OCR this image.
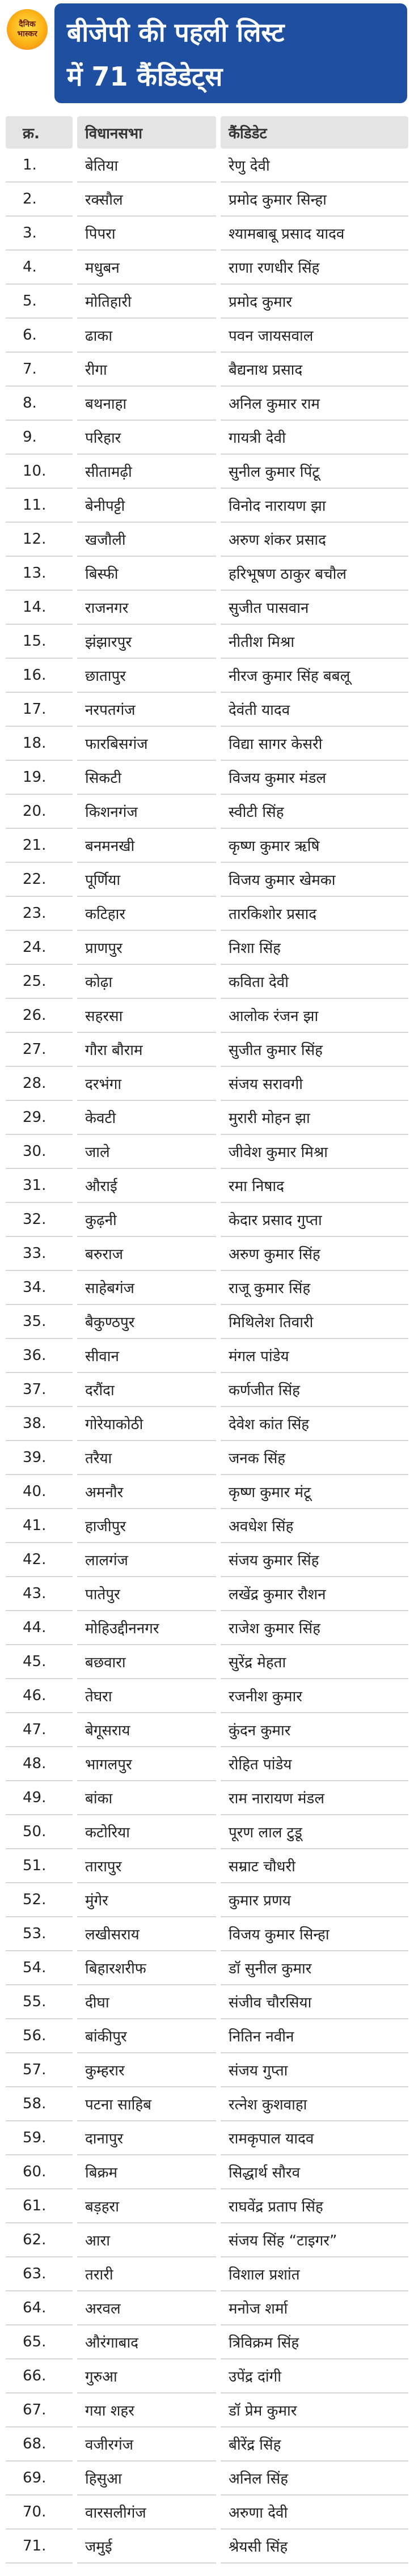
दैनिक
भास्कर बीजेपी की पहली लिस्ट
में 71 कैंडिडेट्स
क्र.	विधानसभा	कैंडिडेट
1.	बेतिया	रेणु देवी
2.	रक्सौल	प्रमोद कुमार सिन्हा
3.	पिपरा	श्यामबाबू प्रसाद यादव
4.	मधुबन	राणा रणधीर सिंह
5.	मोतिहारी	प्रमोद कुमार
6.	ढाका	पवन जायसवाल
7.	रीगा	बैद्यनाथ प्रसाद
8.	बथनाहा	अनिल कुमार राम
9.	परिहार	गायत्री देवी
10.	सीतामढ़ी	सुनील कुमार पिंटू
11.	बेनीपट्टी	विनोद नारायण झा
12.	खजौली	अरुण शंकर प्रसाद
13.	बिस्फी	हरिभूषण ठाकुर बचौल
14.	राजनगर	सुजीत पासवान
15.	झंझारपुर	नीतीश मिश्रा
16.	छातापुर	नीरज कुमार सिंह बबलू
17.	नरपतगंज	देवंती यादव
18.	फारबिसगंज	विद्या सागर केसरी
19.	सिकटी	विजय कुमार मंडल
20.	किशनगंज	स्वीटी सिंह
21.	बनमनखी	कृष्ण कुमार ऋषि
22.	पूर्णिया	विजय कुमार खेमका
23.	कटिहार	तारकिशोर प्रसाद
24.	प्राणपुर	निशा सिंह
25.	कोढ़ा	कविता देवी
26.	सहरसा	आलोक रंजन झा
27.	गौरा बौराम	सुजीत कुमार सिंह
28.	दरभंगा	संजय सरावगी
29.	केवटी	मुरारी मोहन झा
30.	जाले	जीवेश कुमार मिश्रा
31.	औराई	रमा निषाद
32.	कुढ़नी	केदार प्रसाद गुप्ता
33.	बरुराज	अरुण कुमार सिंह
34.	साहेबगंज	राजू कुमार सिंह
35.	बैकुण्ठपुर	मिथिलेश तिवारी
36.	सीवान	मंगल पांडेय
37.	दरौंदा	कर्णजीत सिंह
38.	गोरेयाकोठी	देवेश कांत सिंह
39.	तरैया	जनक सिंह
40.	अमनौर	कृष्ण कुमार मंटू
41.	हाजीपुर	अवधेश सिंह
42.	लालगंज	संजय कुमार सिंह
43.	पातेपुर	लखेंद्र कुमार रौशन
44.	मोहिउद्दीननगर	राजेश कुमार सिंह
45.	बछवारा	सुरेंद्र मेहता
46.	तेघरा	रजनीश कुमार
47.	बेगूसराय	कुंदन कुमार
48.	भागलपुर	रोहित पांडेय
49.	बांका	राम नारायण मंडल
50.	कटोरिया	पूरण लाल टुडू
51.	तारापुर	सम्राट चौधरी
52.	मुंगेर	कुमार प्रणय
53.	लखीसराय	विजय कुमार सिन्हा
54.	बिहारशरीफ	डॉ सुनील कुमार
55.	दीघा	संजीव चौरसिया
56.	बांकीपुर	नितिन नवीन
57.	कुम्हरार	संजय गुप्ता
58.	पटना साहिब	रत्नेश कुशवाहा
59.	दानापुर	रामकृपाल यादव
60.	बिक्रम	सिद्धार्थ सौरव
61.	बड़हरा	राघवेंद्र प्रताप सिंह
62.	आरा	संजय सिंह “टाइगर”
63.	तरारी	विशाल प्रशांत
64.	अरवल	मनोज शर्मा
65.	औरंगाबाद	त्रिविक्रम सिंह
66.	गुरुआ	उपेंद्र दांगी
67.	गया शहर	डॉ प्रेम कुमार
68.	वजीरगंज	बीरेंद्र सिंह
69.	हिसुआ	अनिल सिंह
70.	वारसलीगंज	अरुणा देवी
71.	जमुई	श्रेयसी सिंह
